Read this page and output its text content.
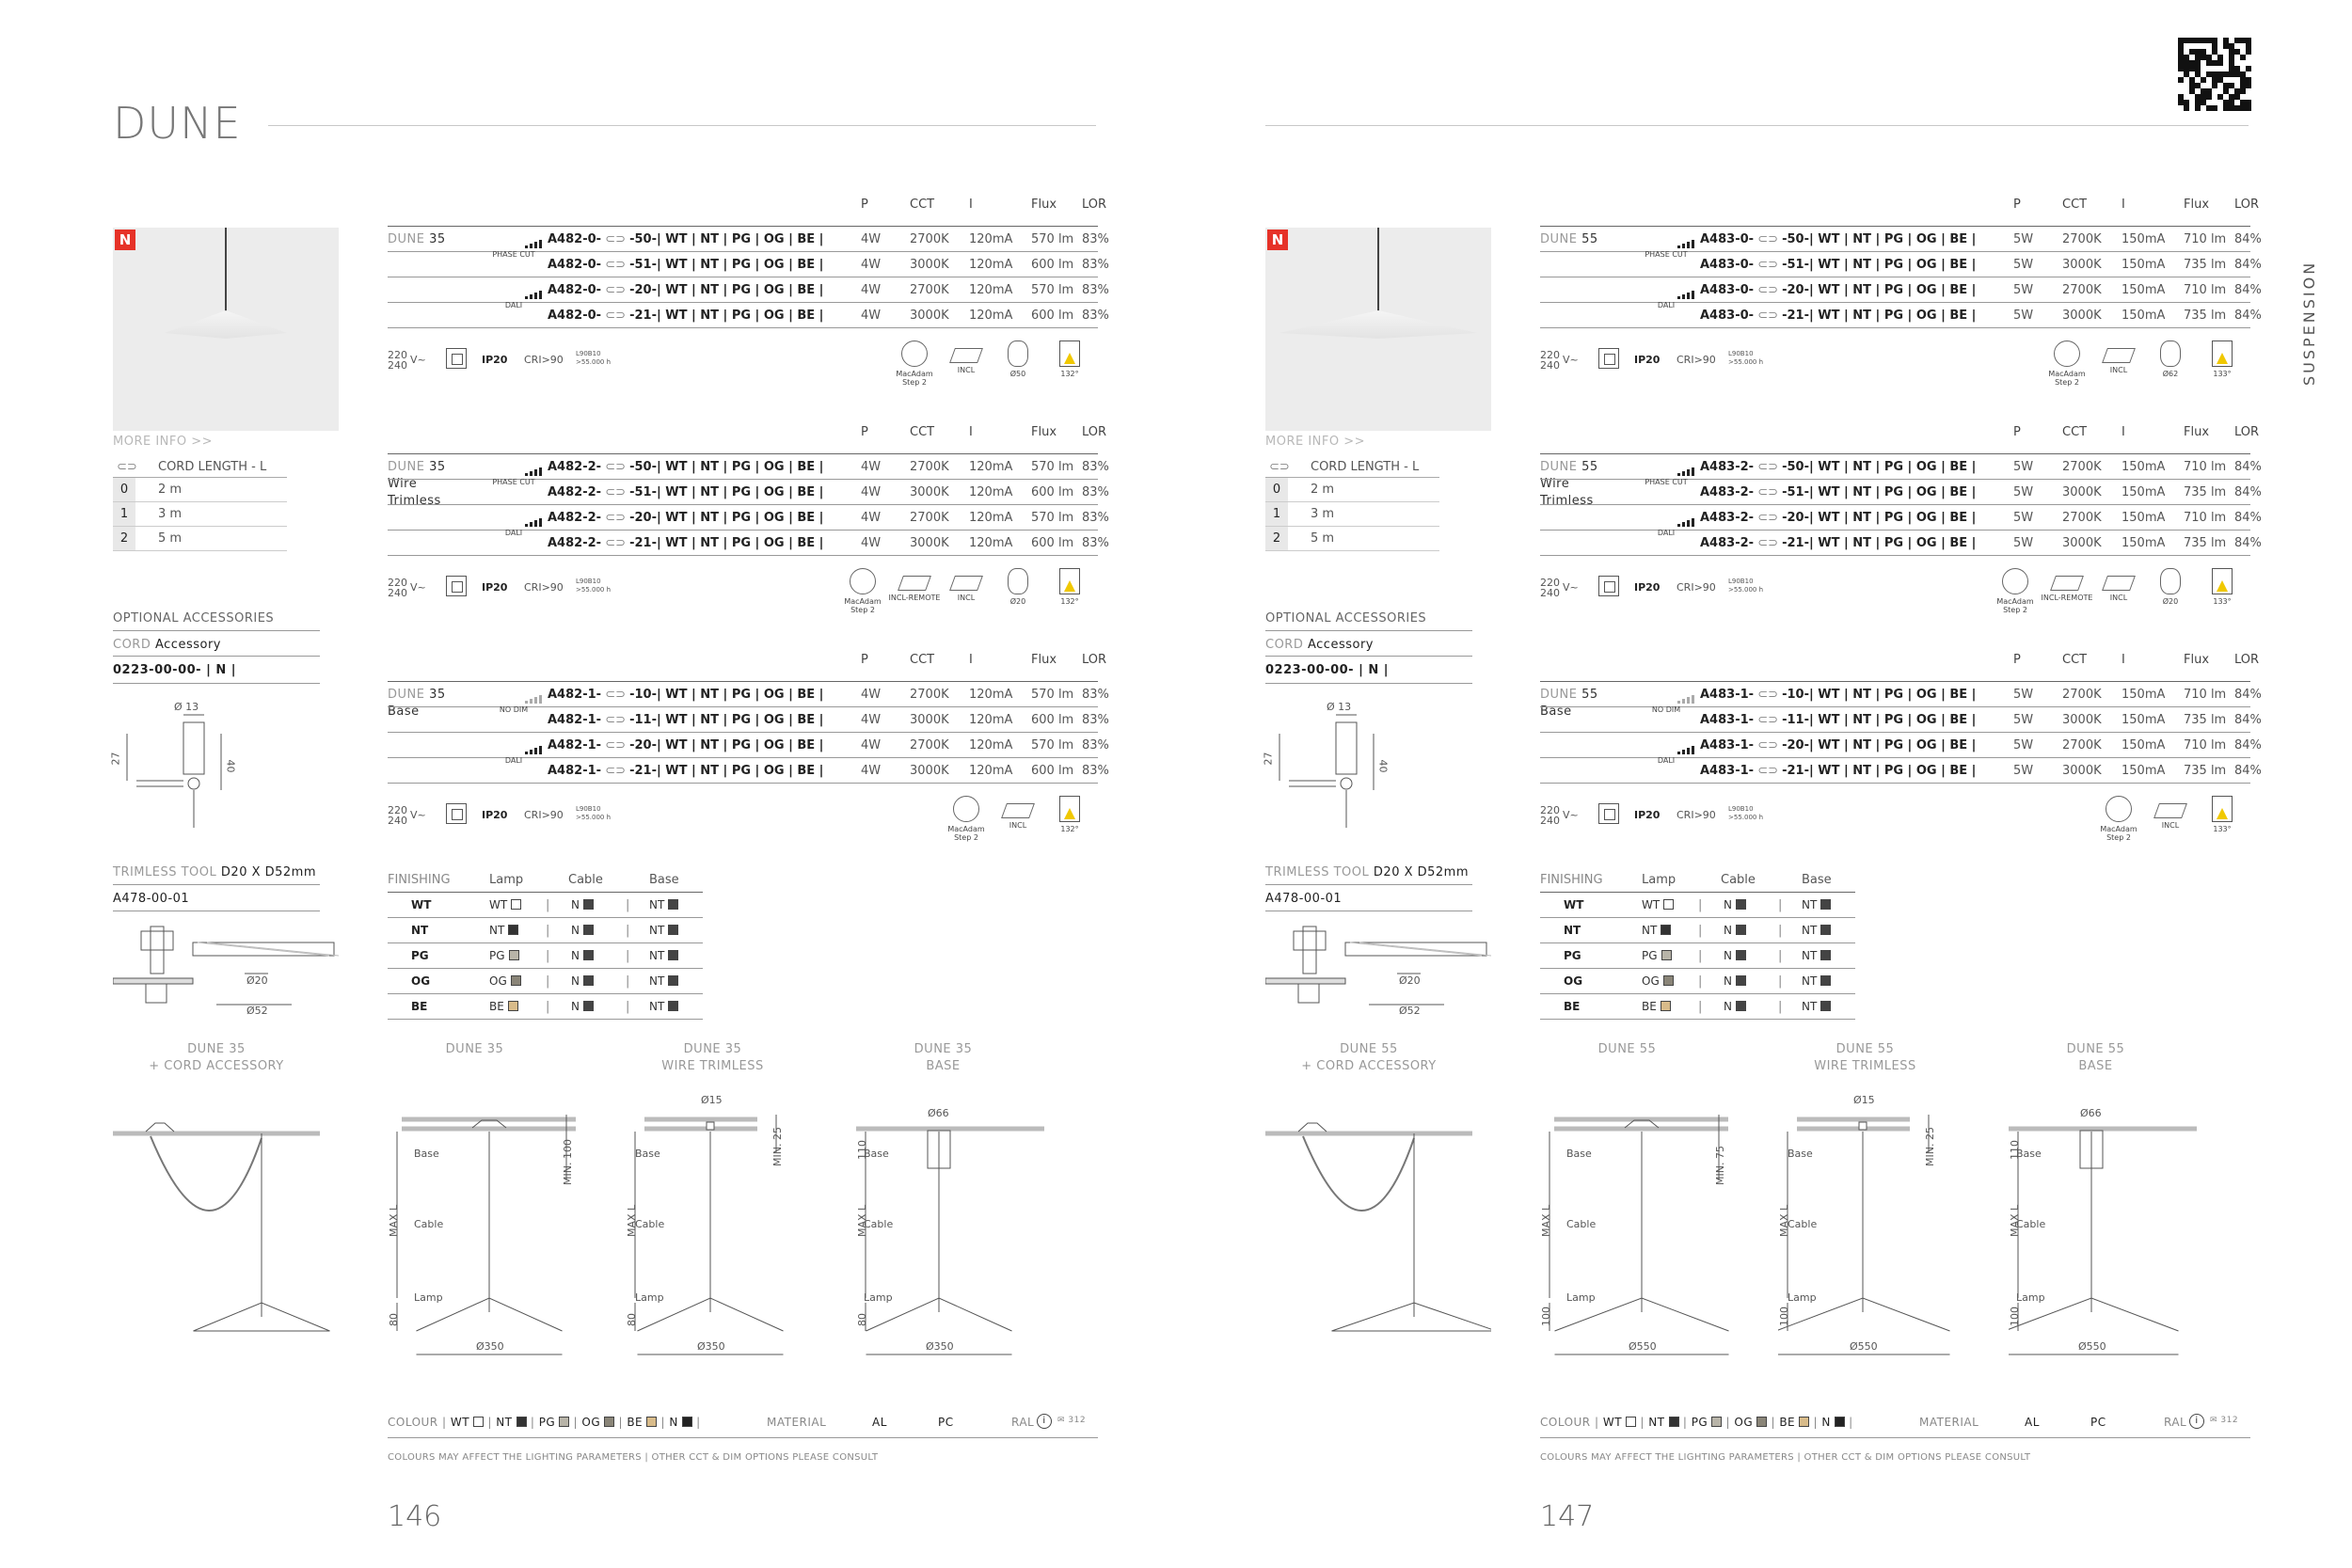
DUNE
SUSPENSION
N
MORE INFO >>
⊂⊃	CORD LENGTH - L
0	2 m
1	3 m
2	5 m
OPTIONAL ACCESSORIES
CORD Accessory
0223-00-00- | N |
Ø 13
27
40
TRIMLESS TOOL D20 X D52mm
A478-00-01
Ø20
Ø52
P	CCT	I	Flux LOR
DUNE 35	A482-0- ⊂⊃ -50-| WT | NT | PG | OG | BE |	4W 2700K 120mA 570 lm 83%
A482-0- ⊂⊃ -51-| WT | NT | PG | OG | BE |	4W 3000K 120mA 600 lm 83%
A482-0- ⊂⊃ -20-| WT | NT | PG | OG | BE |	4W 2700K 120mA 570 lm 83%
A482-0- ⊂⊃ -21-| WT | NT | PG | OG | BE |	4W 3000K 120mA 600 lm 83%
PHASE CUT
DALI
220
240 V~	IP20 CRI>90 L90B10
>55.000 h
MacAdam
Step 2
INCL	Ø50	132°
P	CCT	I	Flux LOR
DUNE 35
Wire Trimless
A482-2- ⊂⊃ -50-| WT | NT | PG | OG | BE |	4W 2700K 120mA 570 lm 83%
A482-2- ⊂⊃ -51-| WT | NT | PG | OG | BE |	4W 3000K 120mA 600 lm 83%
A482-2- ⊂⊃ -20-| WT | NT | PG | OG | BE |	4W 2700K 120mA 570 lm 83%
A482-2- ⊂⊃ -21-| WT | NT | PG | OG | BE |	4W 3000K 120mA 600 lm 83%
PHASE CUT
DALI
220
240 V~	IP20 CRI>90 L90B10
>55.000 h
MacAdam
Step 2
INCL-REMOTE	INCL	Ø20	132°
P	CCT	I	Flux LOR
DUNE 35
Base
A482-1- ⊂⊃ -10-| WT | NT | PG | OG | BE |	4W 2700K 120mA 570 lm 83%
A482-1- ⊂⊃ -11-| WT | NT | PG | OG | BE |	4W 3000K 120mA 600 lm 83%
A482-1- ⊂⊃ -20-| WT | NT | PG | OG | BE |	4W 2700K 120mA 570 lm 83%
A482-1- ⊂⊃ -21-| WT | NT | PG | OG | BE |	4W 3000K 120mA 600 lm 83%
NO DIM
DALI
220
240 V~	IP20 CRI>90 L90B10
>55.000 h
MacAdam
Step 2
INCL	132°
FINISHING	Lamp	Cable	Base
WT	WT	| N	| NT
NT	NT	| N	| NT
PG	PG	| N	| NT
OG	OG	| N	| NT
BE	BE	| N	| NT
DUNE 35
+ CORD ACCESSORY
DUNE 35	DUNE 35
WIRE TRIMLESS
DUNE 35
BASE
Base
Cable
Lamp
MAX L
80
Ø350
MIN. 100	Base
Cable
Lamp
MAX L
80
Ø350
MIN. 25
Ø15
Base
Cable
Lamp
MAX L
80
Ø350
Ø66
110
COLOUR | WT | NT | PG | OG | BE | N |	MATERIAL	AL	PC	RAL i	✉ 312
COLOURS MAY AFFECT THE LIGHTING PARAMETERS | OTHER CCT & DIM OPTIONS PLEASE CONSULT
146
N
MORE INFO >>
⊂⊃	CORD LENGTH - L
0	2 m
1	3 m
2	5 m
OPTIONAL ACCESSORIES
CORD Accessory
0223-00-00- | N |
Ø 13
27
40
TRIMLESS TOOL D20 X D52mm
A478-00-01
Ø20
Ø52
P	CCT	I	Flux LOR
DUNE 55	A483-0- ⊂⊃ -50-| WT | NT | PG | OG | BE |	5W 2700K 150mA 710 lm 84%
A483-0- ⊂⊃ -51-| WT | NT | PG | OG | BE |	5W 3000K 150mA 735 lm 84%
A483-0- ⊂⊃ -20-| WT | NT | PG | OG | BE |	5W 2700K 150mA 710 lm 84%
A483-0- ⊂⊃ -21-| WT | NT | PG | OG | BE |	5W 3000K 150mA 735 lm 84%
PHASE CUT
DALI
220
240 V~	IP20 CRI>90 L90B10
>55.000 h
MacAdam
Step 2
INCL	Ø62	133°
P	CCT	I	Flux LOR
DUNE 55
Wire Trimless
A483-2- ⊂⊃ -50-| WT | NT | PG | OG | BE |	5W 2700K 150mA 710 lm 84%
A483-2- ⊂⊃ -51-| WT | NT | PG | OG | BE |	5W 3000K 150mA 735 lm 84%
A483-2- ⊂⊃ -20-| WT | NT | PG | OG | BE |	5W 2700K 150mA 710 lm 84%
A483-2- ⊂⊃ -21-| WT | NT | PG | OG | BE |	5W 3000K 150mA 735 lm 84%
PHASE CUT
DALI
220
240 V~	IP20 CRI>90 L90B10
>55.000 h
MacAdam
Step 2
INCL-REMOTE	INCL	Ø20	133°
P	CCT	I	Flux LOR
DUNE 55
Base
A483-1- ⊂⊃ -10-| WT | NT | PG | OG | BE |	5W 2700K 150mA 710 lm 84%
A483-1- ⊂⊃ -11-| WT | NT | PG | OG | BE |	5W 3000K 150mA 735 lm 84%
A483-1- ⊂⊃ -20-| WT | NT | PG | OG | BE |	5W 2700K 150mA 710 lm 84%
A483-1- ⊂⊃ -21-| WT | NT | PG | OG | BE |	5W 3000K 150mA 735 lm 84%
NO DIM
DALI
220
240 V~	IP20 CRI>90 L90B10
>55.000 h
MacAdam
Step 2
INCL	133°
FINISHING	Lamp	Cable	Base
WT	WT	| N	| NT
NT	NT	| N	| NT
PG	PG	| N	| NT
OG	OG	| N	| NT
BE	BE	| N	| NT
DUNE 55
+ CORD ACCESSORY
DUNE 55	DUNE 55
WIRE TRIMLESS
DUNE 55
BASE
Base
Cable
Lamp
MAX L
100
Ø550
MIN. 75	Base
Cable
Lamp
MAX L
100
Ø550
MIN. 25
Ø15
Base
Cable
Lamp
MAX L
100
Ø550
Ø66
110
COLOUR | WT | NT | PG | OG | BE | N |	MATERIAL	AL	PC	RAL i	✉ 312
COLOURS MAY AFFECT THE LIGHTING PARAMETERS | OTHER CCT & DIM OPTIONS PLEASE CONSULT
147
